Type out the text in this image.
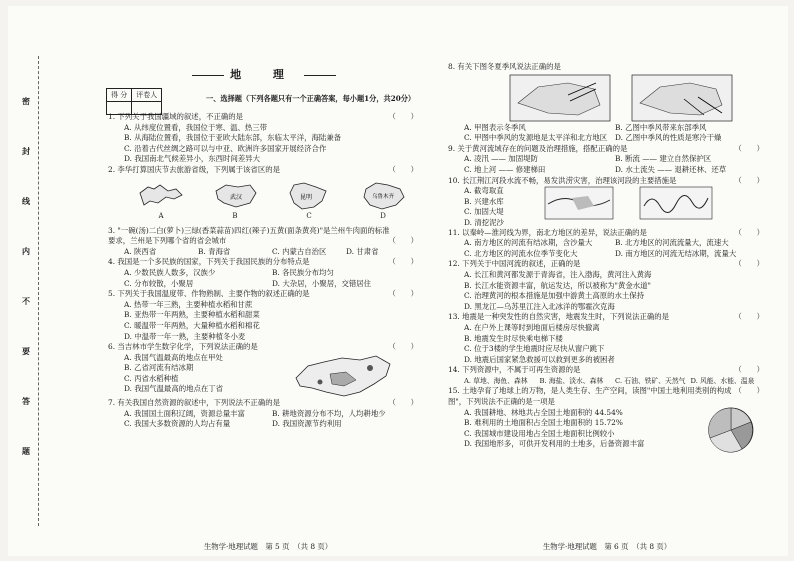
密
封
线
内
不
要
答
题
地 理
得 分	评卷人
		一、选择题（下列各题只有一个正确答案，每小题1分，共20分）
1. 下列关于我国疆域的叙述，不正确的是	（　　）
A. 从纬度位置看，我国位于寒、温、热三带
B. 从海陆位置看，我国位于亚欧大陆东部，东临太平洋，海陆兼备
C. 沿着古代丝绸之路可以与中亚、欧洲许多国家开展经济合作
D. 我国南北气候差异小，东西时间差异大
2. 李华打算国庆节去旅游省级，下列属于该省区的是	（　　）
A
武汉
B
昆明
C
乌鲁木齐
D
3. "一碗(汤)二白(萝卜)三绿(香菜蒜苗)四红(辣子)五黄(面条黄亮)"是兰州牛肉面的标准要求，兰州是下列哪个省的省会城市	（　　）
A. 陕西省	B. 青海省	C. 内蒙古自治区	D. 甘肃省
4. 我国是一个多民族的国家，下列关于我国民族的分布特点是	（　　）
A. 少数民族人数多，汉族少	B. 各民族分布均匀
C. 分布较散，小聚居	D. 大杂居，小聚居，交错居住
5. 下列关于我国温度带、作物熟制、主要作物的叙述正确的是	（　　）
A. 热带一年三熟，主要种植水稻和甘蔗
B. 亚热带一年两熟，主要种植水稻和甜菜
C. 暖温带一年两熟，大量种植水稻和棉花
D. 中温带一年一熟，主要种植冬小麦
6. 当吉林市学生数字化学，下列说法正确的是	（　　）
A. 我国气温最高的地点在甲处
B. 乙省河流有结冰期
C. 丙省水稻种植
D. 我国气温最高的地点在丁省
7. 有关我国自然资源的叙述中，下列说法不正确的是	（　　）
A. 我国国土面积辽阔，资源总量丰富	B. 耕地资源分布不均，人均耕地少
C. 我国大多数资源的人均占有量	D. 我国资源节约利用
8. 有关下图冬夏季风说法正确的是
A. 甲图表示冬季风	B. 乙图中季风带来东部季风
C. 甲图中季风的发源地是太平洋和北方地区	D. 乙图中季风的性质是寒冷干燥
9. 关于黄河流域存在的问题及治理措施，搭配正确的是	（　　）
A. 凌汛 —— 加固堤防	B. 断流 —— 建立自然保护区
C. 地上河 —— 修建梯田	D. 水土流失 —— 退耕还林、还草
10. 长江荆江河段水流不畅，易发洪涝灾害，治理该河段的主要措施是	（　　）
A. 截弯取直
B. 兴建水库
C. 加固大堤
D. 清挖泥沙
11. 以秦岭—淮河线为界，南北方地区的差异，说法正确的是	（　　）
A. 南方地区的河流有结冰期，含沙量大	B. 北方地区的河流流量大，流速大
C. 北方地区的河流水位季节变化大	D. 南方地区的河流无结冰期，流量大
12. 下列关于中国河流的叙述，正确的是	（　　）
A. 长江和黄河都发源于青海省，注入渤海，黄河注入黄海
B. 长江水能资源丰富，航运发达，所以被称为"黄金水道"
C. 治理黄河的根本措施是加强中游黄土高原的水土保持
D. 黑龙江—乌苏里江注入北冰洋的鄂霍次克海
13. 地震是一种突发性的自然灾害，地震发生时，下列说法正确的是	（　　）
A. 在户外上课等时到地面后楼房尽快撤离
B. 地震发生时尽快乘电梯下楼
C. 位于3楼的学生地震时应尽快从窗户跳下
D. 地震后国家紧急救援可以救到更多的被困者
14. 下列资源中，不属于可再生资源的是	（　　）
A. 草地、海鱼、森林	B. 海盐、淡水、森林	C. 石油、铁矿、天然气 D. 风能、水能、温泉
15. 土地孕育了地球上的万物，是人类生存、生产空间，读图"中国土地利用类别的构成图"，下列说法不正确的是一项是
（　　）
A. 我国耕地、林地共占全国土地面积的 44.54%
B. 难利用的土地面积占全国土地面积的 15.72%
C. 我国城市建设用地占全国土地面积比例较小
D. 我国地形多，可供开发利用的土地多，后备资源丰富
生物学·地理试题　第 5 页　（共 8 页）	生物学·地理试题　第 6 页　（共 8 页）
